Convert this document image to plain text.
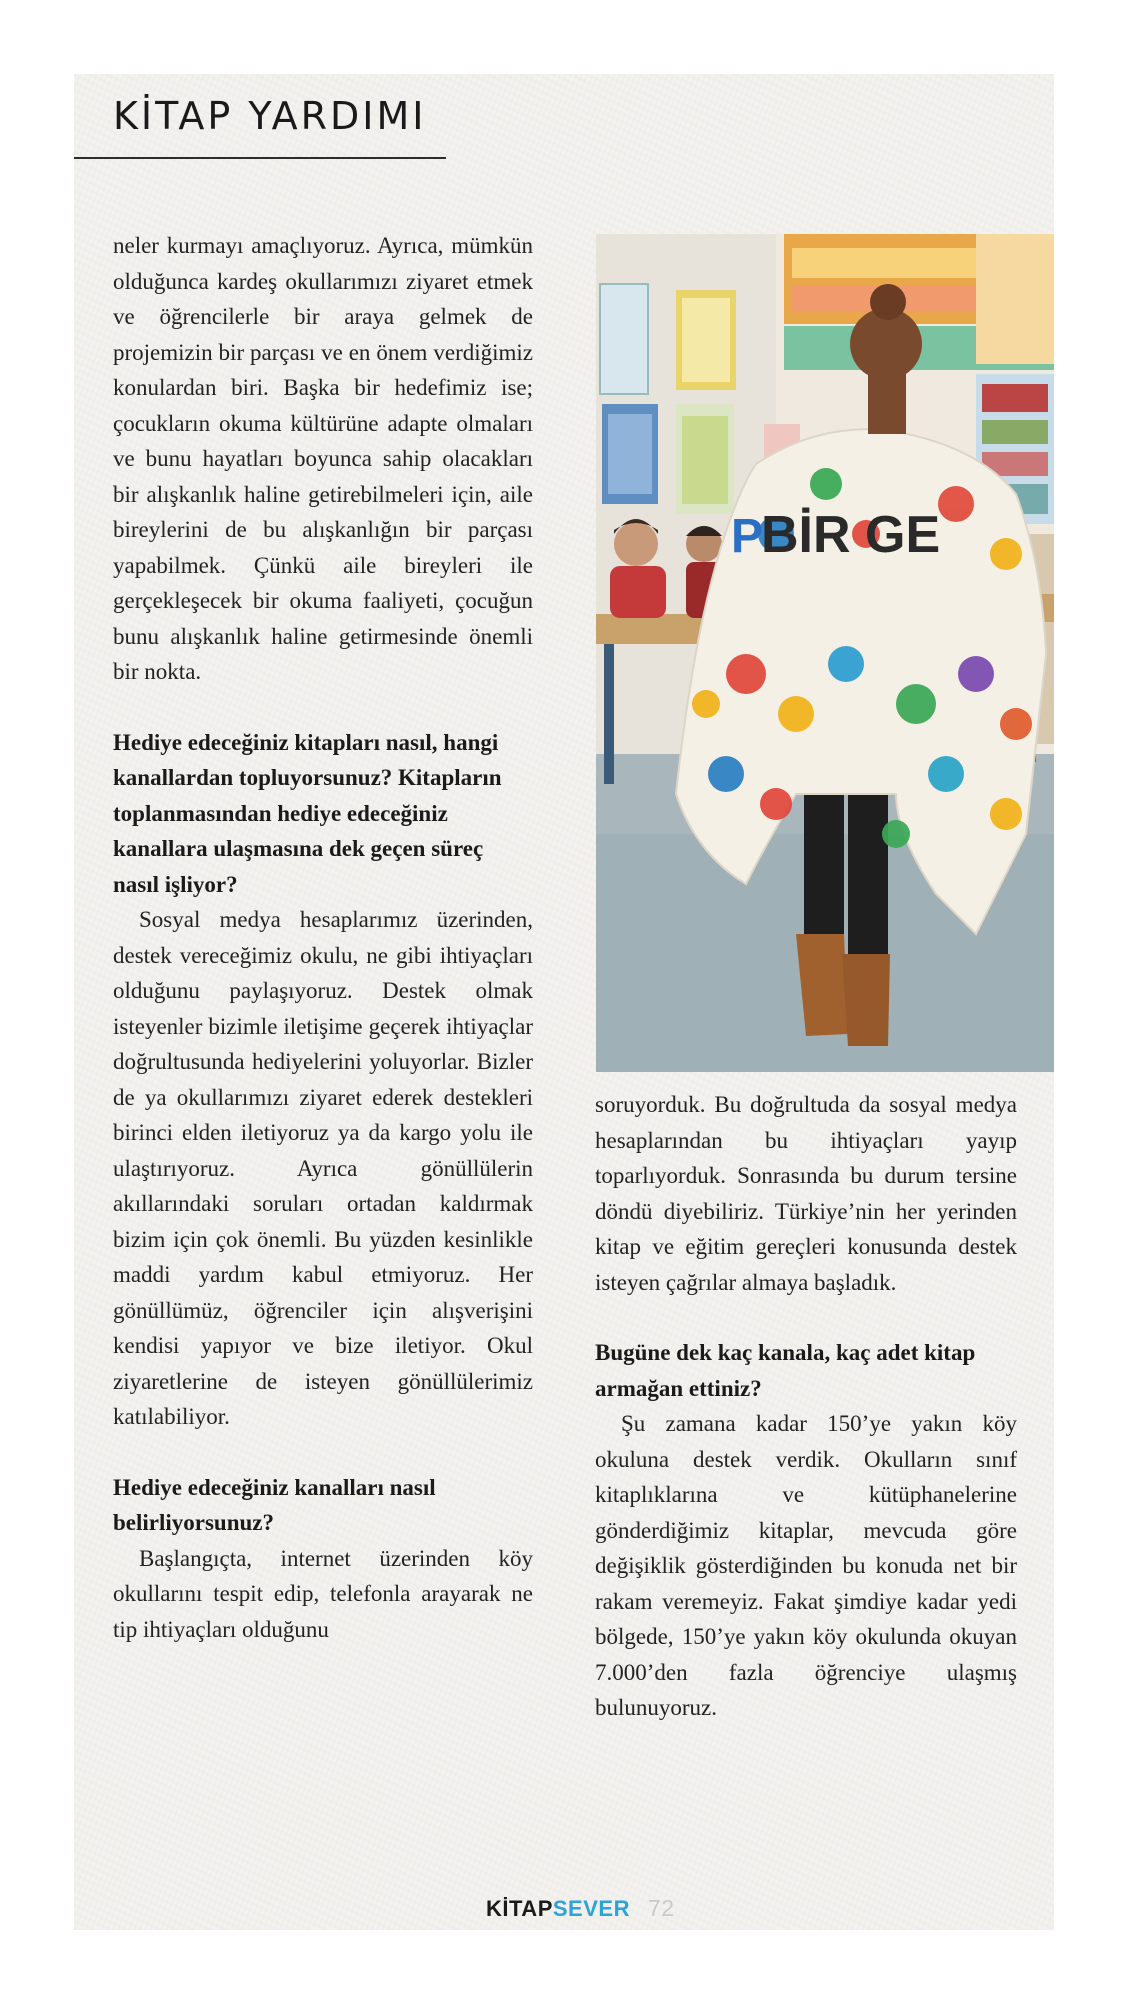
KİTAP YARDIMI

neler kurmayı amaçlıyoruz. Ayrıca, mümkün olduğunca kardeş okullarımızı ziyaret etmek ve öğrencilerle bir araya gelmek de projemizin bir parçası ve en önem verdiğimiz konulardan biri. Başka bir hedefimiz ise; çocukların okuma kültürüne adapte olmaları ve bunu hayatları boyunca sahip olacakları bir alışkanlık haline getirebilmeleri için, aile bireylerini de bu alışkanlığın bir parçası yapabilmek. Çünkü aile bireyleri ile gerçekleşecek bir okuma faaliyeti, çocuğun bunu alışkanlık haline getirmesinde önemli bir nokta.

Hediye edeceğiniz kitapları nasıl, hangi kanallardan topluyorsunuz? Kitapların toplanmasından hediye edeceğiniz kanallara ulaşmasına dek geçen süreç nasıl işliyor?

Sosyal medya hesaplarımız üzerinden, destek vereceğimiz okulu, ne gibi ihtiyaçları olduğunu paylaşıyoruz. Destek olmak isteyenler bizimle iletişime geçerek ihtiyaçlar doğrultusunda hediyelerini yoluyorlar. Bizler de ya okullarımızı ziyaret ederek destekleri birinci elden iletiyoruz ya da kargo yolu ile ulaştırıyoruz. Ayrıca gönüllülerin akıllarındaki soruları ortadan kaldırmak bizim için çok önemli. Bu yüzden kesinlikle maddi yardım kabul etmiyoruz. Her gönüllümüz, öğrenciler için alışverişini kendisi yapıyor ve bize iletiyor. Okul ziyaretlerine de isteyen gönüllülerimiz katılabiliyor.

Hediye edeceğiniz kanalları nasıl belirliyorsunuz?

Başlangıçta, internet üzerinden köy okullarını tespit edip, telefonla arayarak ne tip ihtiyaçları olduğunu

P
BİR GE

soruyorduk. Bu doğrultuda da sosyal medya hesaplarından bu ihtiyaçları yayıp toparlıyorduk. Sonrasında bu durum tersine döndü diyebiliriz. Türkiye’nin her yerinden kitap ve eğitim gereçleri konusunda destek isteyen çağrılar almaya başladık.

Bugüne dek kaç kanala, kaç adet kitap armağan ettiniz?

Şu zamana kadar 150’ye yakın köy okuluna destek verdik. Okulların sınıf kitaplıklarına ve kütüphanelerine gönderdiğimiz kitaplar, mevcuda göre değişiklik gösterdiğinden bu konuda net bir rakam veremeyiz. Fakat şimdiye kadar yedi bölgede, 150’ye yakın köy okulunda okuyan 7.000’den fazla öğrenciye ulaşmış bulunuyoruz.

KİTAPSEVER 72
